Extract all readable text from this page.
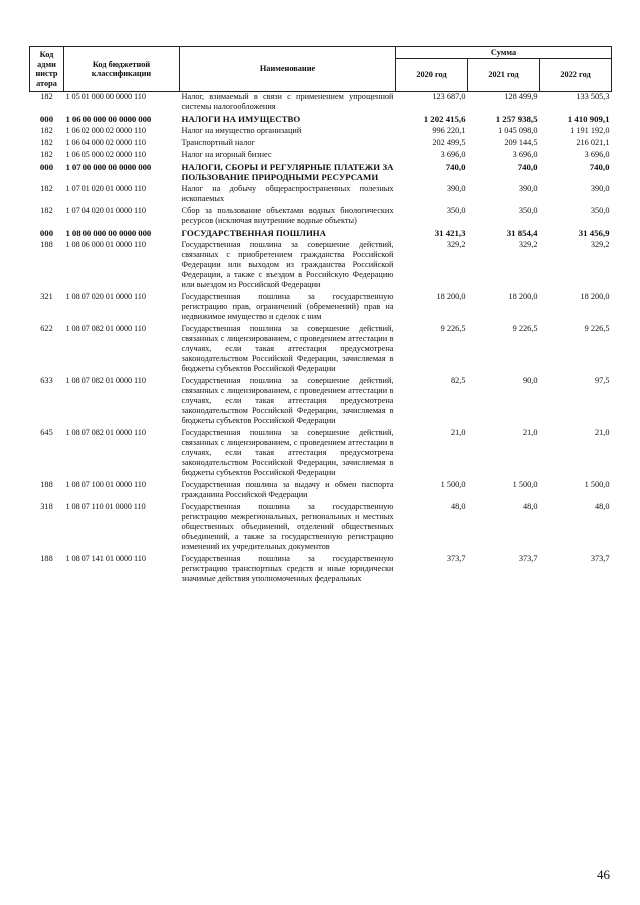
Код адми нистр атора	Код бюджетной классификации	Наименование	Сумма		
			2020 год	2021 год	2022 год
182	1 05 01 000 00 0000 110	Налог, взимаемый в связи с применением упрощенной системы налогообложения	123 687,0	128 499,9	133 505,3
000	1 06 00 000 00 0000 000	НАЛОГИ НА ИМУЩЕСТВО	1 202 415,6	1 257 938,5	1 410 909,1
182	1 06 02 000 02 0000 110	Налог на имущество организаций	996 220,1	1 045 098,0	1 191 192,0
182	1 06 04 000 02 0000 110	Транспортный налог	202 499,5	209 144,5	216 021,1
182	1 06 05 000 02 0000 110	Налог на игорный бизнес	3 696,0	3 696,0	3 696,0
000	1 07 00 000 00 0000 000	НАЛОГИ, СБОРЫ И РЕГУЛЯРНЫЕ ПЛАТЕЖИ ЗА ПОЛЬЗОВАНИЕ ПРИРОДНЫМИ РЕСУРСАМИ	740,0	740,0	740,0
182	1 07 01 020 01 0000 110	Налог на добычу общераспространенных полезных ископаемых	390,0	390,0	390,0
182	1 07 04 020 01 0000 110	Сбор за пользование объектами водных биологических ресурсов (исключая внутренние водные объекты)	350,0	350,0	350,0
000	1 08 00 000 00 0000 000	ГОСУДАРСТВЕННАЯ ПОШЛИНА	31 421,3	31 854,4	31 456,9
188	1 08 06 000 01 0000 110	Государственная пошлина за совершение действий, связанных с приобретением гражданства Российской Федерации или выходом из гражданства Российской Федерации, а также с въездом в Российскую Федерацию или выездом из Российской Федерации	329,2	329,2	329,2
321	1 08 07 020 01 0000 110	Государственная пошлина за государственную регистрацию прав, ограничений (обременений) прав на недвижимое имущество и сделок с ним	18 200,0	18 200,0	18 200,0
622	1 08 07 082 01 0000 110	Государственная пошлина за совершение действий, связанных с лицензированием, с проведением аттестации в случаях, если такая аттестация предусмотрена законодательством Российской Федерации, зачисляемая в бюджеты субъектов Российской Федерации	9 226,5	9 226,5	9 226,5
633	1 08 07 082 01 0000 110	Государственная пошлина за совершение действий, связанных с лицензированием, с проведением аттестации в случаях, если такая аттестация предусмотрена законодательством Российской Федерации, зачисляемая в бюджеты субъектов Российской Федерации	82,5	90,0	97,5
645	1 08 07 082 01 0000 110	Государственная пошлина за совершение действий, связанных с лицензированием, с проведением аттестации в случаях, если такая аттестация предусмотрена законодательством Российской Федерации, зачисляемая в бюджеты субъектов Российской Федерации	21,0	21,0	21,0
188	1 08 07 100 01 0000 110	Государственная пошлина за выдачу и обмен паспорта гражданина Российской Федерации	1 500,0	1 500,0	1 500,0
318	1 08 07 110 01 0000 110	Государственная пошлина за государственную регистрацию межрегиональных, региональных и местных общественных объединений, отделений общественных объединений, а также за государственную регистрацию изменений их учредительных документов	48,0	48,0	48,0
188	1 08 07 141 01 0000 110	Государственная пошлина за государственную регистрацию транспортных средств и иные юридически значимые действия уполномоченных федеральных	373,7	373,7	373,7
46
